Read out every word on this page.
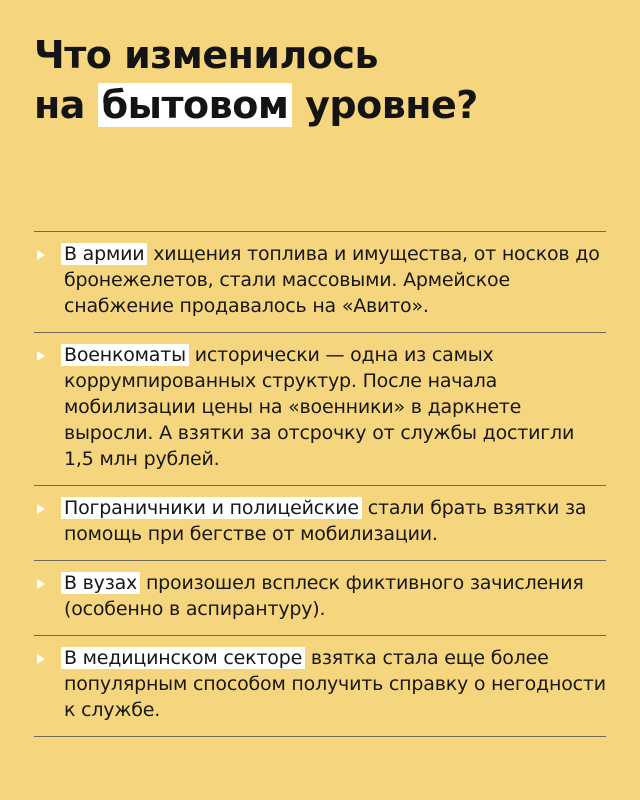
Что изменилось
на бытовом уровне?
В армии хищения топлива и имущества, от носков до бронежелетов, стали массовыми. Армейское снабжение продавалось на «Авито».
Военкоматы исторически — одна из самых коррумпированных структур. После начала мобилизации цены на «военники» в даркнете выросли. А взятки за отсрочку от службы достигли 1,5 млн рублей.
Пограничники и полицейские стали брать взятки за помощь при бегстве от мобилизации.
В вузах произошел всплеск фиктивного зачисления (особенно в аспирантуру).
В медицинском секторе взятка стала еще более популярным способом получить справку о негодности к службе.
